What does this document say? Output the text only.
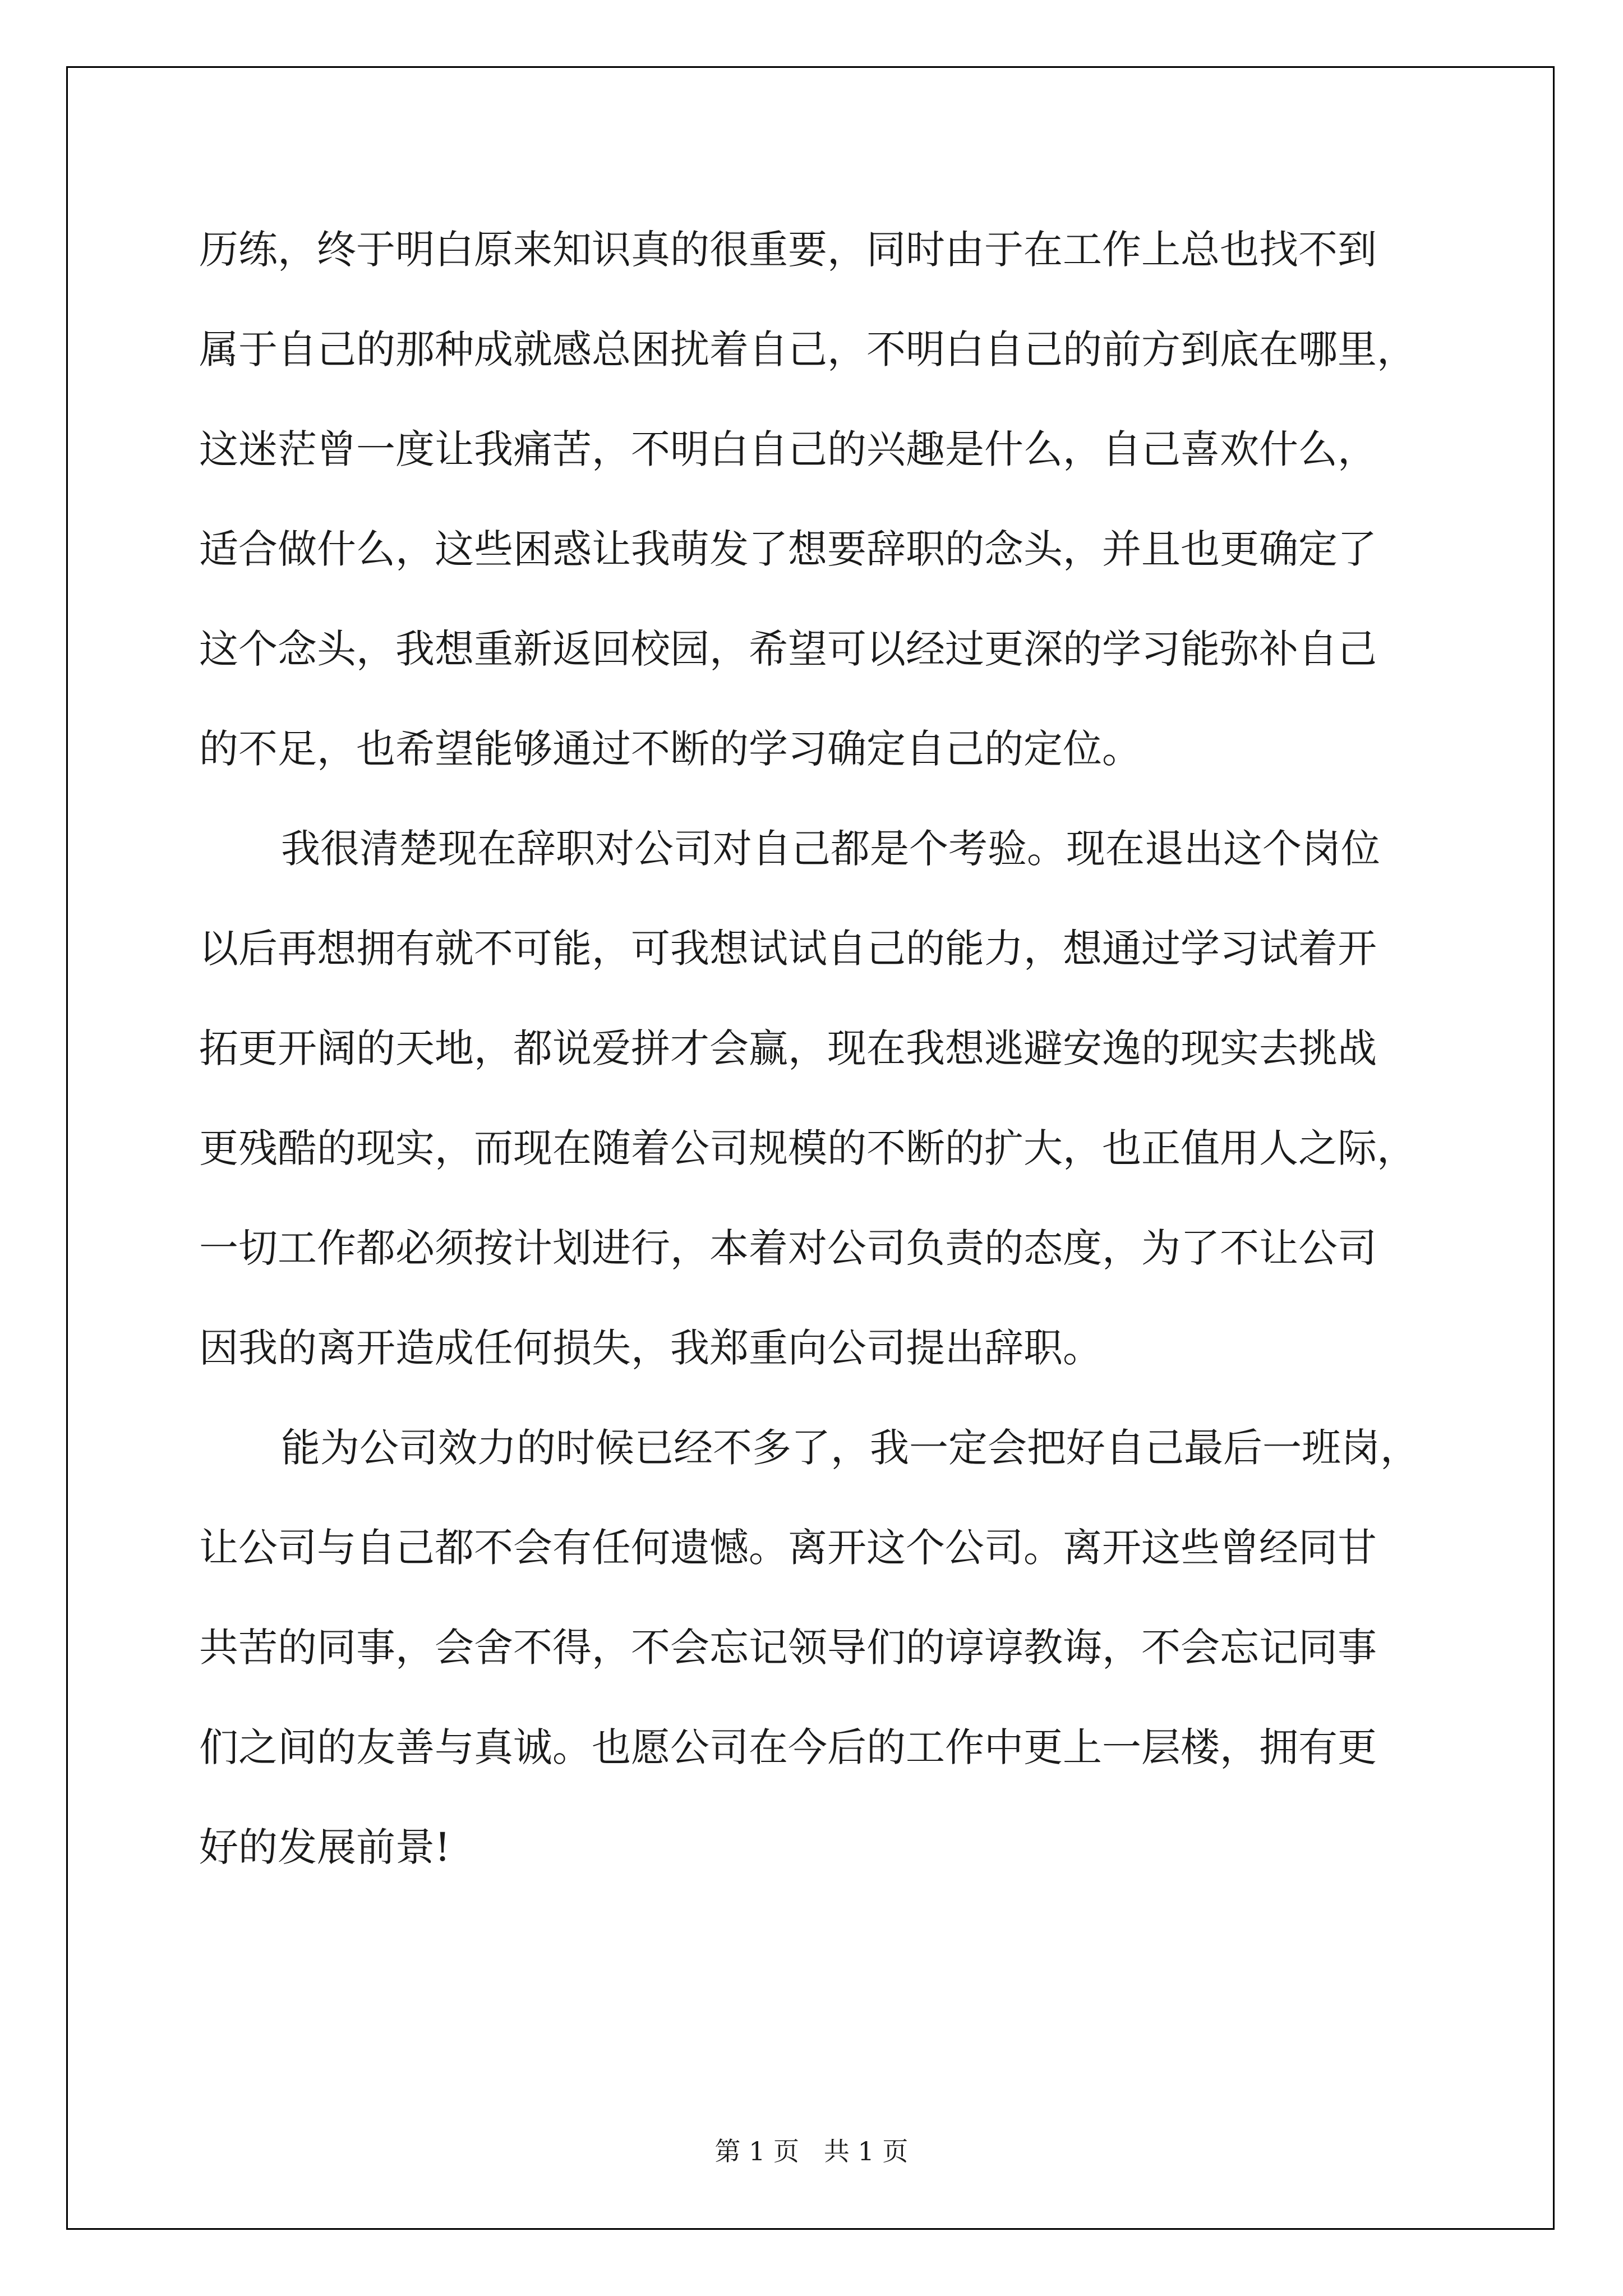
历练，终于明白原来知识真的很重要，同时由于在工作上总也找不到
属于自己的那种成就感总困扰着自己，不明白自己的前方到底在哪里，
这迷茫曾一度让我痛苦，不明白自己的兴趣是什么，自己喜欢什么，
适合做什么，这些困惑让我萌发了想要辞职的念头，并且也更确定了
这个念头，我想重新返回校园，希望可以经过更深的学习能弥补自己
的不足，也希望能够通过不断的学习确定自己的定位。
我很清楚现在辞职对公司对自己都是个考验。现在退出这个岗位
以后再想拥有就不可能，可我想试试自己的能力，想通过学习试着开
拓更开阔的天地，都说爱拼才会赢，现在我想逃避安逸的现实去挑战
更残酷的现实，而现在随着公司规模的不断的扩大，也正值用人之际，
一切工作都必须按计划进行，本着对公司负责的态度，为了不让公司
因我的离开造成任何损失，我郑重向公司提出辞职。
能为公司效力的时候已经不多了，我一定会把好自己最后一班岗，
让公司与自己都不会有任何遗憾。离开这个公司。离开这些曾经同甘
共苦的同事，会舍不得，不会忘记领导们的谆谆教诲，不会忘记同事
们之间的友善与真诚。也愿公司在今后的工作中更上一层楼，拥有更
好的发展前景!
第 1 页   共 1 页
